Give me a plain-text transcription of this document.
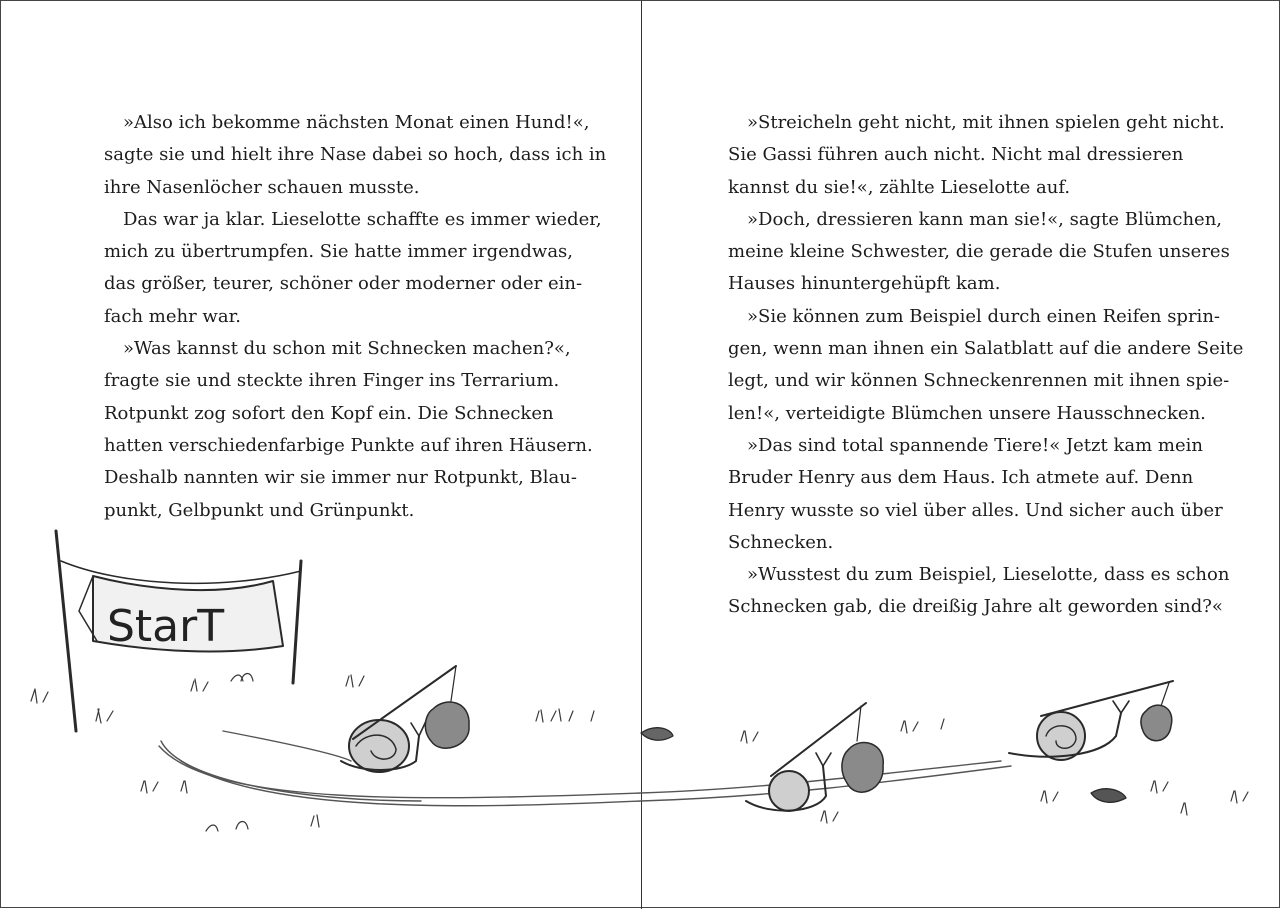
»Also ich bekomme nächsten Monat einen Hund!«,
sagte sie und hielt ihre Nase dabei so hoch, dass ich in
ihre Nasenlöcher schauen musste.

Das war ja klar. Lieselotte schaffte es immer wieder,
mich zu übertrumpfen. Sie hatte immer irgendwas,
das größer, teurer, schöner oder moderner oder ein-
fach mehr war.

»Was kannst du schon mit Schnecken machen?«,
fragte sie und steckte ihren Finger ins Terrarium.
Rotpunkt zog sofort den Kopf ein. Die Schnecken
hatten verschiedenfarbige Punkte auf ihren Häusern.
Deshalb nannten wir sie immer nur Rotpunkt, Blau-
punkt, Gelbpunkt und Grünpunkt.

»Streicheln geht nicht, mit ihnen spielen geht nicht.
Sie Gassi führen auch nicht. Nicht mal dressieren
kannst du sie!«, zählte Lieselotte auf.

»Doch, dressieren kann man sie!«, sagte Blümchen,
meine kleine Schwester, die gerade die Stufen unseres
Hauses hinuntergehüpft kam.

»Sie können zum Beispiel durch einen Reifen sprin-
gen, wenn man ihnen ein Salatblatt auf die andere Seite
legt, und wir können Schneckenrennen mit ihnen spie-
len!«, verteidigte Blümchen unsere Hausschnecken.

»Das sind total spannende Tiere!« Jetzt kam mein
Bruder Henry aus dem Haus. Ich atmete auf. Denn
Henry wusste so viel über alles. Und sicher auch über
Schnecken.

»Wusstest du zum Beispiel, Lieselotte, dass es schon
Schnecken gab, die dreißig Jahre alt geworden sind?«

StarT
